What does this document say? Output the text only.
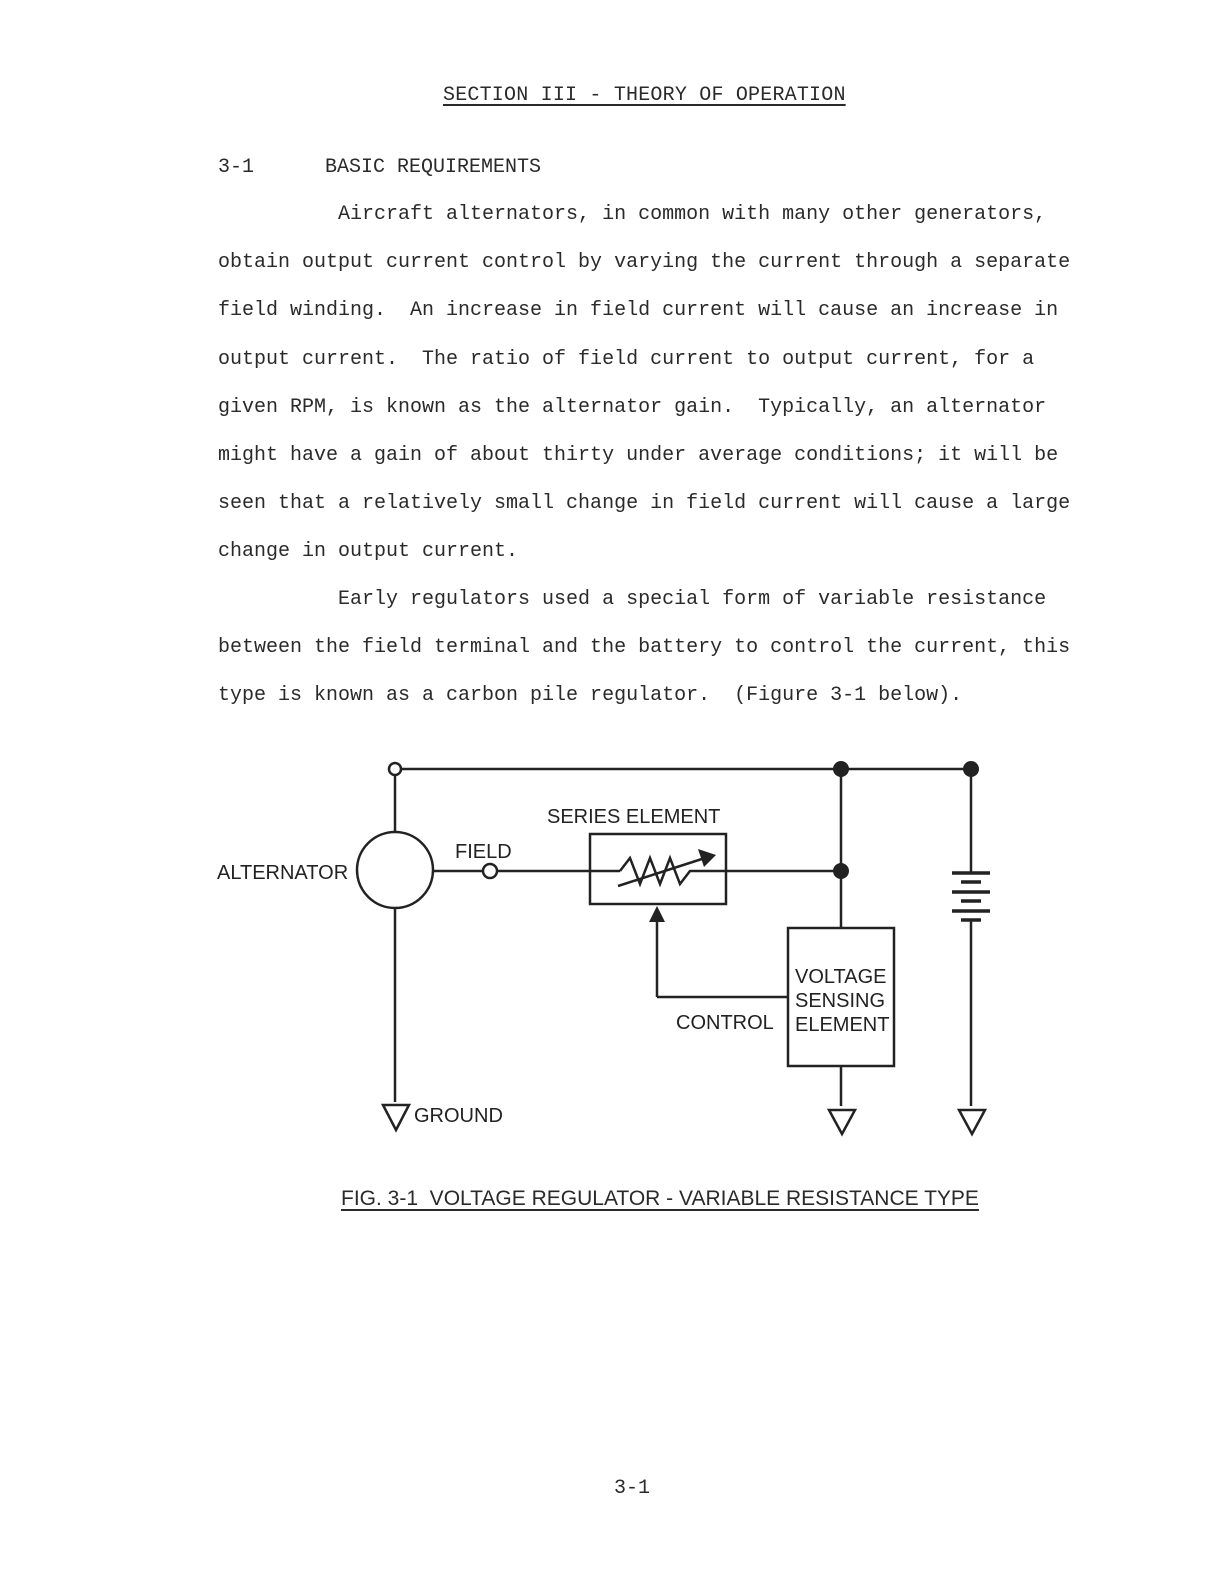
SECTION III - THEORY OF OPERATION
3-1	BASIC REQUIREMENTS
Aircraft alternators, in common with many other generators,
obtain output current control by varying the current through a separate
field winding.  An increase in field current will cause an increase in
output current.  The ratio of field current to output current, for a
given RPM, is known as the alternator gain.  Typically, an alternator
might have a gain of about thirty under average conditions; it will be
seen that a relatively small change in field current will cause a large
change in output current.
Early regulators used a special form of variable resistance
between the field terminal and the battery to control the current, this
type is known as a carbon pile regulator.  (Figure 3-1 below).
ALTERNATOR
FIELD
SERIES ELEMENT
CONTROL
VOLTAGE
SENSING
ELEMENT
GROUND
FIG. 3-1  VOLTAGE REGULATOR - VARIABLE RESISTANCE TYPE
3-1
